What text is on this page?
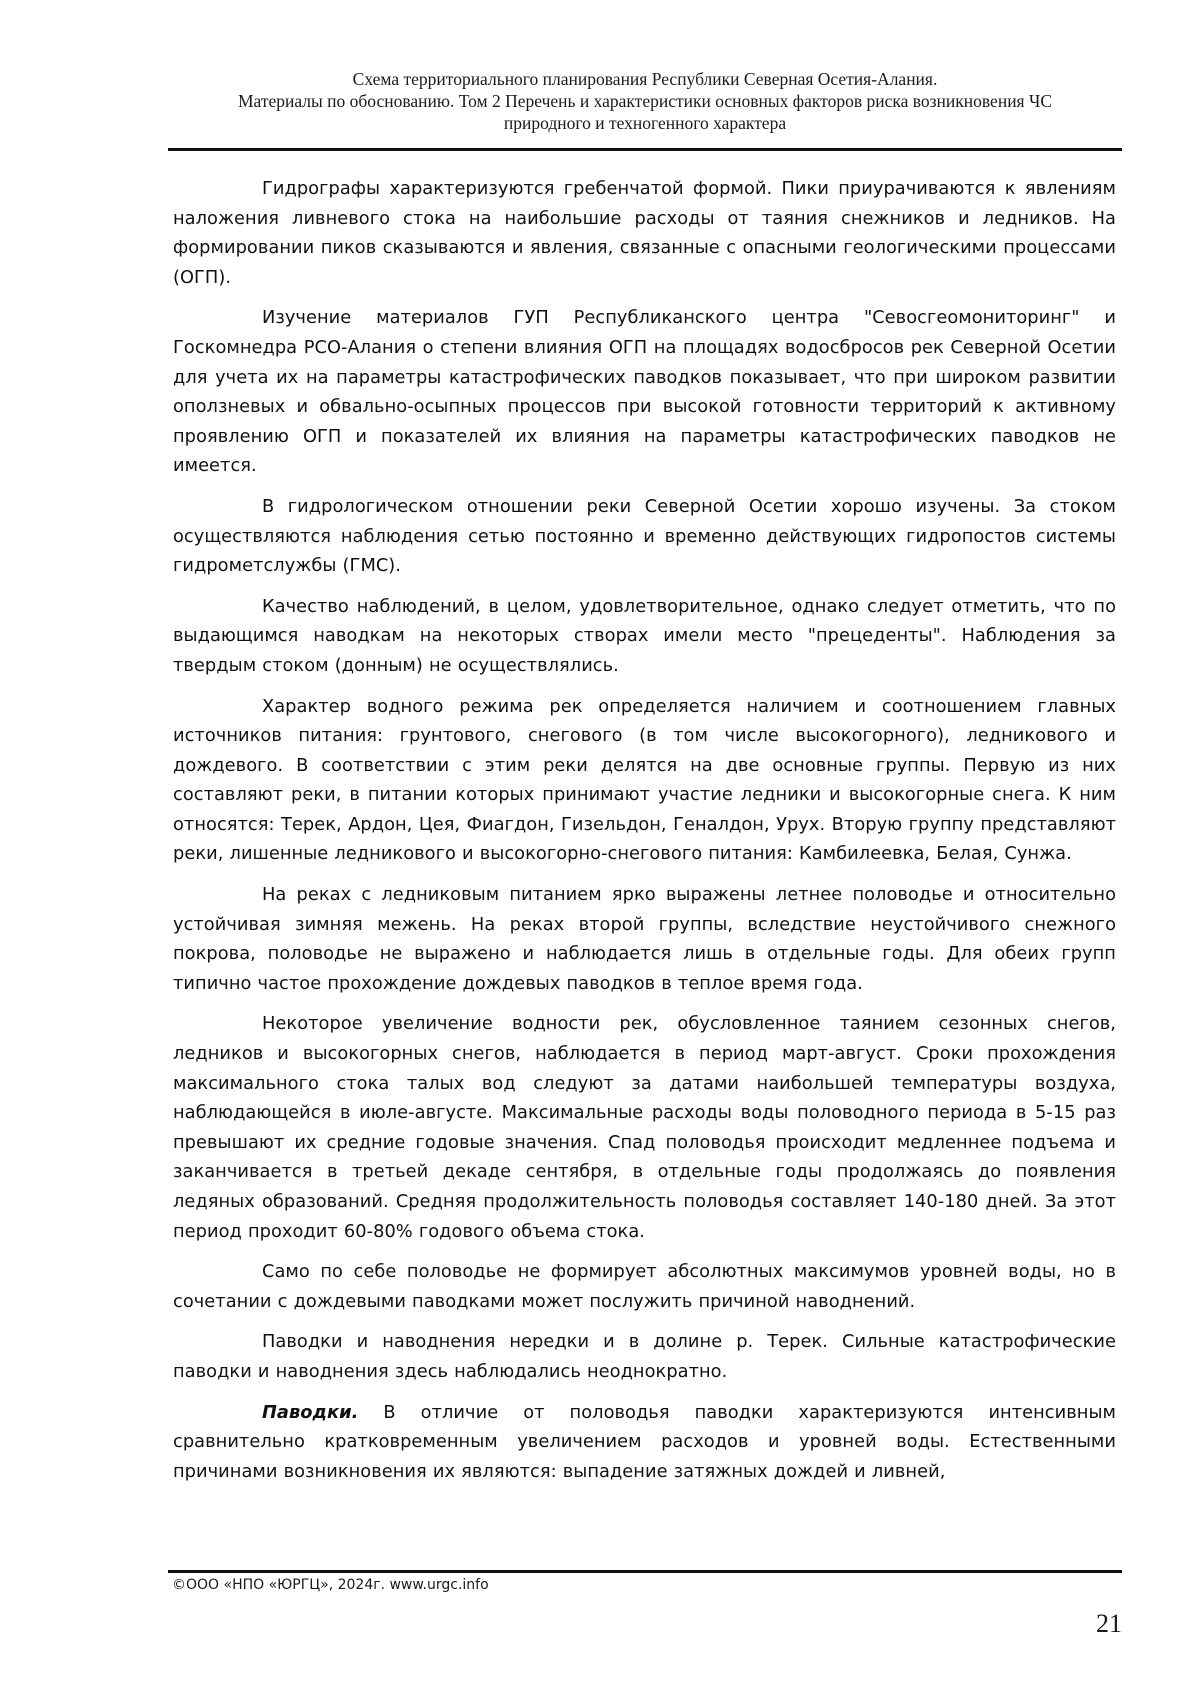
Схема территориального планирования Республики Северная Осетия-Алания.
Материалы по обоснованию. Том 2 Перечень и характеристики основных факторов риска возникновения ЧС
природного и техногенного характера

Гидрографы характеризуются гребенчатой формой. Пики приурачиваются к явлениям наложения ливневого стока на наибольшие расходы от таяния снежников и ледников. На формировании пиков сказываются и явления, связанные с опасными геологическими процессами (ОГП).

Изучение материалов ГУП Республиканского центра "Севосгеомониторинг" и Госкомнедра РСО-Алания о степени влияния ОГП на площадях водосбросов рек Северной Осетии для учета их на параметры катастрофических паводков показывает, что при широком развитии оползневых и обвально-осыпных процессов при высокой готовности территорий к активному проявлению ОГП и показателей их влияния на параметры катастрофических паводков не имеется.

В гидрологическом отношении реки Северной Осетии хорошо изучены. За стоком осуществляются наблюдения сетью постоянно и временно действующих гидропостов системы гидрометслужбы (ГМС).

Качество наблюдений, в целом, удовлетворительное, однако следует отметить, что по выдающимся наводкам на некоторых створах имели место "прецеденты". Наблюдения за твердым стоком (донным) не осуществлялись.

Характер водного режима рек определяется наличием и соотношением главных источников питания: грунтового, снегового (в том числе высокогорного), ледникового и дождевого. В соответствии с этим реки делятся на две основные группы. Первую из них составляют реки, в питании которых принимают участие ледники и высокогорные снега. К ним относятся: Терек, Ардон, Цея, Фиагдон, Гизельдон, Геналдон, Урух. Вторую группу представляют реки, лишенные ледникового и высокогорно-снегового питания: Камбилеевка, Белая, Сунжа.

На реках с ледниковым питанием ярко выражены летнее половодье и относительно устойчивая зимняя межень. На реках второй группы, вследствие неустойчивого снежного покрова, половодье не выражено и наблюдается лишь в отдельные годы. Для обеих групп типично частое прохождение дождевых паводков в теплое время года.

Некоторое увеличение водности рек, обусловленное таянием сезонных снегов, ледников и высокогорных снегов, наблюдается в период март-август. Сроки прохождения максимального стока талых вод следуют за датами наибольшей температуры воздуха, наблюдающейся в июле-августе. Максимальные расходы воды половодного периода в 5-15 раз превышают их средние годовые значения. Спад половодья происходит медленнее подъема и заканчивается в третьей декаде сентября, в отдельные годы продолжаясь до появления ледяных образований. Средняя продолжительность половодья составляет 140-180 дней. За этот период проходит 60-80% годового объема стока.

Само по себе половодье не формирует абсолютных максимумов уровней воды, но в сочетании с дождевыми паводками может послужить причиной наводнений.

Паводки и наводнения нередки и в долине р. Терек. Сильные катастрофические паводки и наводнения здесь наблюдались неоднократно.

Паводки. В отличие от половодья паводки характеризуются интенсивным сравнительно кратковременным увеличением расходов и уровней воды. Естественными причинами возникновения их являются: выпадение затяжных дождей и ливней,

©ООО «НПО «ЮРГЦ», 2024г. www.urgc.info
21
